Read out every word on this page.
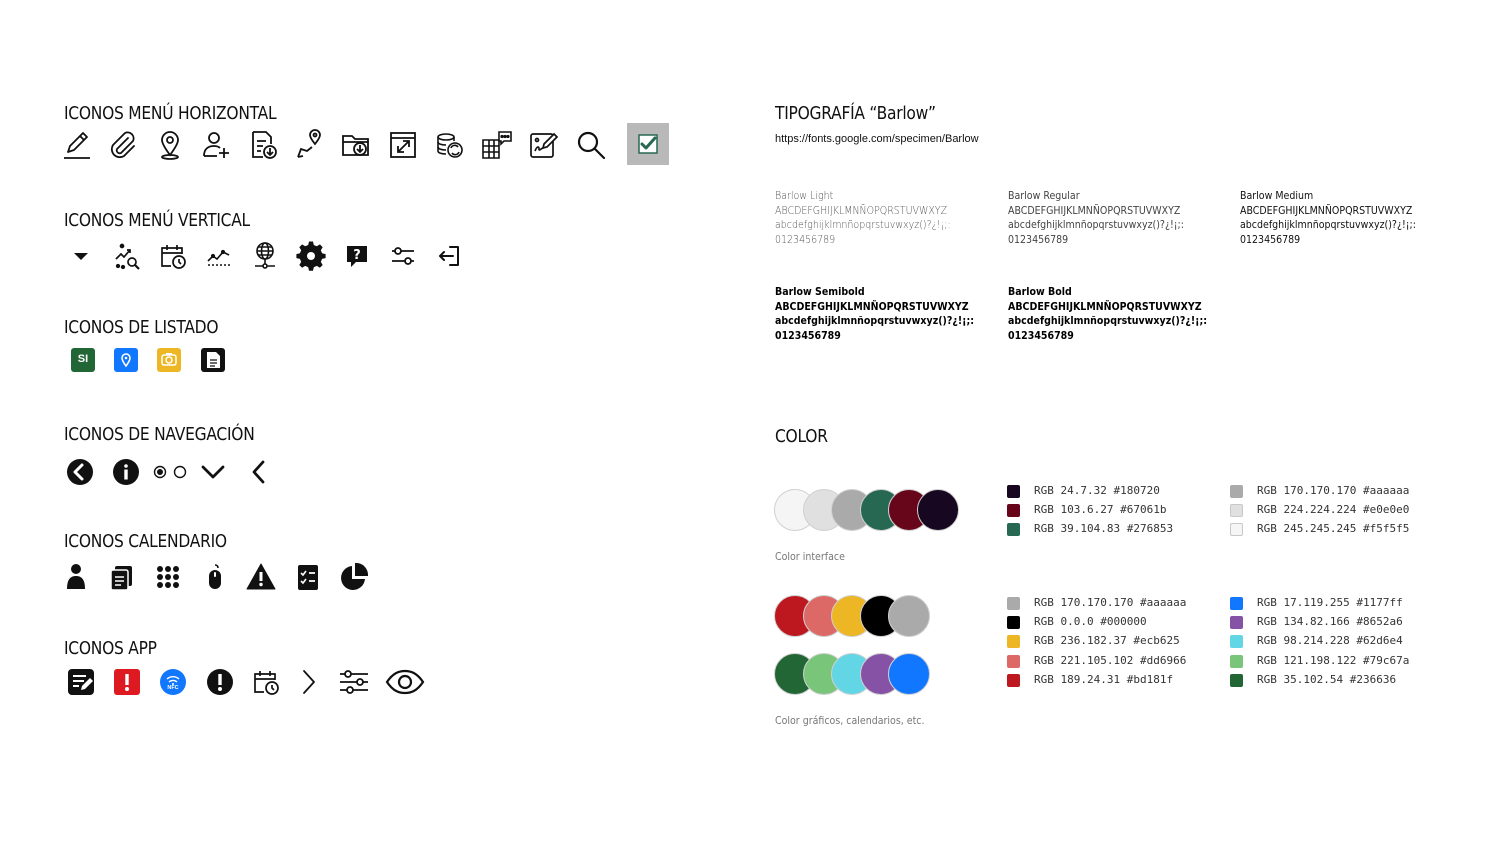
ICONOS MENÚ HORIZONTAL
ICONOS MENÚ VERTICAL
ICONOS DE LISTADO
ICONOS DE NAVEGACIÓN
ICONOS CALENDARIO
ICONOS APP
TIPOGRAFÍA “Barlow”
COLOR
?
SI
NFC
https://fonts.google.com/specimen/Barlow
Barlow Light
ABCDEFGHIJKLMNÑOPQRSTUVWXYZ
abcdefghijklmnñopqrstuvwxyz()?¿!¡;:
0123456789
Barlow Regular
ABCDEFGHIJKLMNÑOPQRSTUVWXYZ
abcdefghijklmnñopqrstuvwxyz()?¿!¡;:
0123456789
Barlow Medium
ABCDEFGHIJKLMNÑOPQRSTUVWXYZ
abcdefghijklmnñopqrstuvwxyz()?¿!¡;:
0123456789
Barlow Semibold
ABCDEFGHIJKLMNÑOPQRSTUVWXYZ
abcdefghijklmnñopqrstuvwxyz()?¿!¡;:
0123456789
Barlow Bold
ABCDEFGHIJKLMNÑOPQRSTUVWXYZ
abcdefghijklmnñopqrstuvwxyz()?¿!¡;:
0123456789
Color interface
Color gráficos, calendarios, etc.
RGB 24.7.32 #180720
RGB 103.6.27 #67061b
RGB 39.104.83 #276853
RGB 170.170.170 #aaaaaa
RGB 224.224.224 #e0e0e0
RGB 245.245.245 #f5f5f5
RGB 170.170.170 #aaaaaa
RGB 0.0.0 #000000
RGB 236.182.37 #ecb625
RGB 221.105.102 #dd6966
RGB 189.24.31 #bd181f
RGB 17.119.255 #1177ff
RGB 134.82.166 #8652a6
RGB 98.214.228 #62d6e4
RGB 121.198.122 #79c67a
RGB 35.102.54 #236636
